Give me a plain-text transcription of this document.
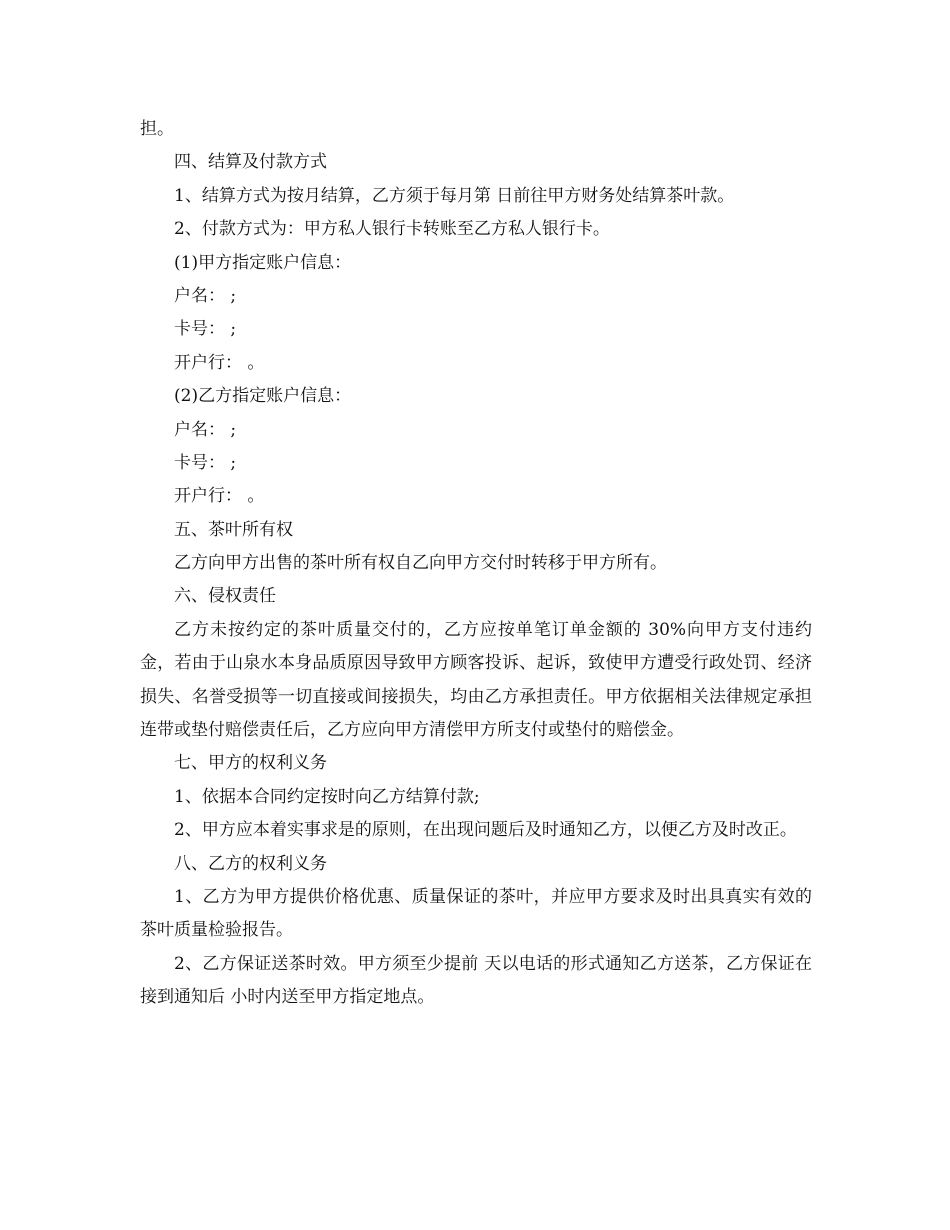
担。
四、结算及付款方式
1、结算方式为按月结算，乙方须于每月第 日前往甲方财务处结算茶叶款。
2、付款方式为：甲方私人银行卡转账至乙方私人银行卡。
(1)甲方指定账户信息：
户名： ;
卡号： ;
开户行： 。
(2)乙方指定账户信息：
户名： ;
卡号： ;
开户行： 。
五、茶叶所有权
乙方向甲方出售的茶叶所有权自乙向甲方交付时转移于甲方所有。
六、侵权责任

乙方未按约定的茶叶质量交付的，乙方应按单笔订单金额的 30%向甲方支付违约金，若由于山泉水本身品质原因导致甲方顾客投诉、起诉，致使甲方遭受行政处罚、经济损失、名誉受损等一切直接或间接损失，均由乙方承担责任。甲方依据相关法律规定承担连带或垫付赔偿责任后，乙方应向甲方清偿甲方所支付或垫付的赔偿金。

七、甲方的权利义务
1、依据本合同约定按时向乙方结算付款;

2、甲方应本着实事求是的原则，在出现问题后及时通知乙方，以便乙方及时改正。

八、乙方的权利义务

1、乙方为甲方提供价格优惠、质量保证的茶叶，并应甲方要求及时出具真实有效的茶叶质量检验报告。

2、乙方保证送茶时效。甲方须至少提前 天以电话的形式通知乙方送茶，乙方保证在接到通知后 小时内送至甲方指定地点。
